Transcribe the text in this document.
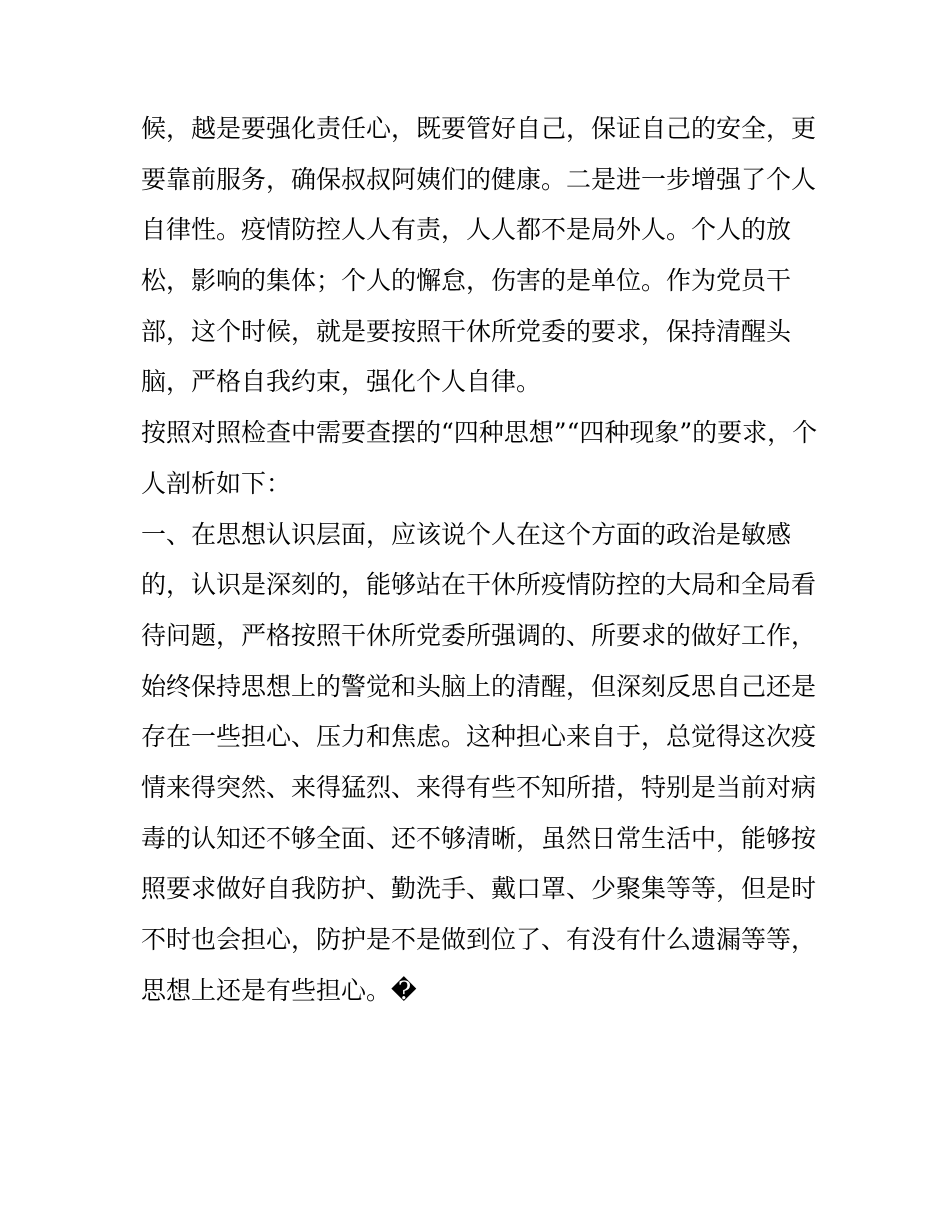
候，越是要强化责任心，既要管好自己，保证自己的安全，更
要靠前服务，确保叔叔阿姨们的健康。二是进一步增强了个人
自律性。疫情防控人人有责，人人都不是局外人。个人的放
松，影响的集体；个人的懈怠，伤害的是单位。作为党员干
部，这个时候，就是要按照干休所党委的要求，保持清醒头
脑，严格自我约束，强化个人自律。
按照对照检查中需要查摆的“四种思想”“四种现象”的要求，个
人剖析如下：
一、在思想认识层面，应该说个人在这个方面的政治是敏感
的，认识是深刻的，能够站在干休所疫情防控的大局和全局看
待问题，严格按照干休所党委所强调的、所要求的做好工作，
始终保持思想上的警觉和头脑上的清醒，但深刻反思自己还是
存在一些担心、压力和焦虑。这种担心来自于，总觉得这次疫
情来得突然、来得猛烈、来得有些不知所措，特别是当前对病
毒的认知还不够全面、还不够清晰，虽然日常生活中，能够按
照要求做好自我防护、勤洗手、戴口罩、少聚集等等，但是时
不时也会担心，防护是不是做到位了、有没有什么遗漏等等，
思想上还是有些担心。�
